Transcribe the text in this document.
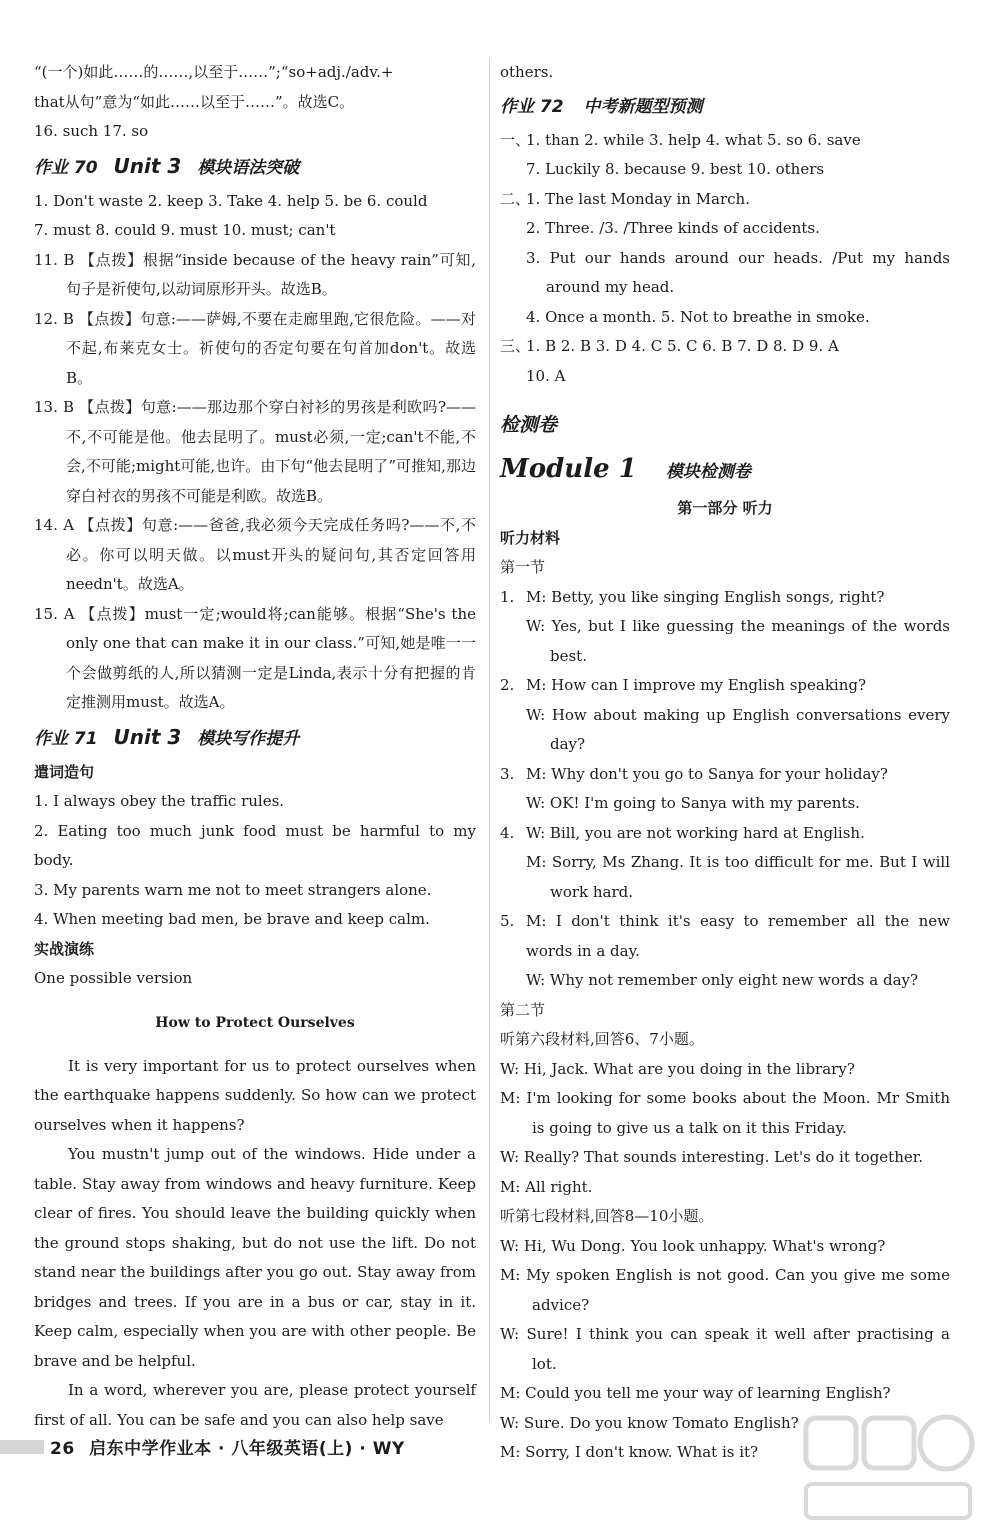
“(一个)如此……的……,以至于……”;“so+adj./adv.+

that从句”意为“如此……以至于……”。故选C。

16. such 17. so

作业 70 Unit 3 模块语法突破

1. Don't waste 2. keep 3. Take 4. help 5. be 6. could

7. must 8. could 9. must 10. must; can't

11. B 【点拨】根据“inside because of the heavy rain”可知,句子是祈使句,以动词原形开头。故选B。

12. B 【点拨】句意:——萨姆,不要在走廊里跑,它很危险。——对不起,布莱克女士。祈使句的否定句要在句首加don't。故选B。

13. B 【点拨】句意:——那边那个穿白衬衫的男孩是利欧吗?——不,不可能是他。他去昆明了。must必须,一定;can't不能,不会,不可能;might可能,也许。由下句“他去昆明了”可推知,那边穿白衬衣的男孩不可能是利欧。故选B。

14. A 【点拨】句意:——爸爸,我必须今天完成任务吗?——不,不必。你可以明天做。以must开头的疑问句,其否定回答用needn't。故选A。

15. A 【点拨】must一定;would将;can能够。根据“She's the only one that can make it in our class.”可知,她是唯一一个会做剪纸的人,所以猜测一定是Linda,表示十分有把握的肯定推测用must。故选A。

作业 71 Unit 3 模块写作提升

遣词造句

1. I always obey the traffic rules.

2. Eating too much junk food must be harmful to my body.

3. My parents warn me not to meet strangers alone.

4. When meeting bad men, be brave and keep calm.

实战演练

One possible version

How to Protect Ourselves

It is very important for us to protect ourselves when the earthquake happens suddenly. So how can we protect ourselves when it happens?

You mustn't jump out of the windows. Hide under a table. Stay away from windows and heavy furniture. Keep clear of fires. You should leave the building quickly when the ground stops shaking, but do not use the lift. Do not stand near the buildings after you go out. Stay away from bridges and trees. If you are in a bus or car, stay in it. Keep calm, especially when you are with other people. Be brave and be helpful.

In a word, wherever you are, please protect yourself first of all. You can be safe and you can also help save

others.

作业 72 中考新题型预测
一、

1. than 2. while 3. help 4. what 5. so 6. save

7. Luckily 8. because 9. best 10. others

二、

1. The last Monday in March.

2. Three. /3. /Three kinds of accidents.

3. Put our hands around our heads. /Put my hands around my head.

4. Once a month. 5. Not to breathe in smoke.

三、

1. B 2. B 3. D 4. C 5. C 6. B 7. D 8. D 9. A

10. A

检测卷
Module 1 模块检测卷

第一部分 听力

听力材料

第一节

1. M: Betty, you like singing English songs, right?

W: Yes, but I like guessing the meanings of the words best.

2. M: How can I improve my English speaking?

W: How about making up English conversations every day?

3. M: Why don't you go to Sanya for your holiday?

W: OK! I'm going to Sanya with my parents.

4. W: Bill, you are not working hard at English.

M: Sorry, Ms Zhang. It is too difficult for me. But I will work hard.

5. M: I don't think it's easy to remember all the new words in a day.

W: Why not remember only eight new words a day?

第二节

听第六段材料,回答6、7小题。

W: Hi, Jack. What are you doing in the library?

M: I'm looking for some books about the Moon. Mr Smith is going to give us a talk on it this Friday.

W: Really? That sounds interesting. Let's do it together.

M: All right.

听第七段材料,回答8—10小题。

W: Hi, Wu Dong. You look unhappy. What's wrong?

M: My spoken English is not good. Can you give me some advice?

W: Sure! I think you can speak it well after practising a lot.

M: Could you tell me your way of learning English?

W: Sure. Do you know Tomato English?

M: Sorry, I don't know. What is it?

26 启东中学作业本 · 八年级英语(上) · WY
